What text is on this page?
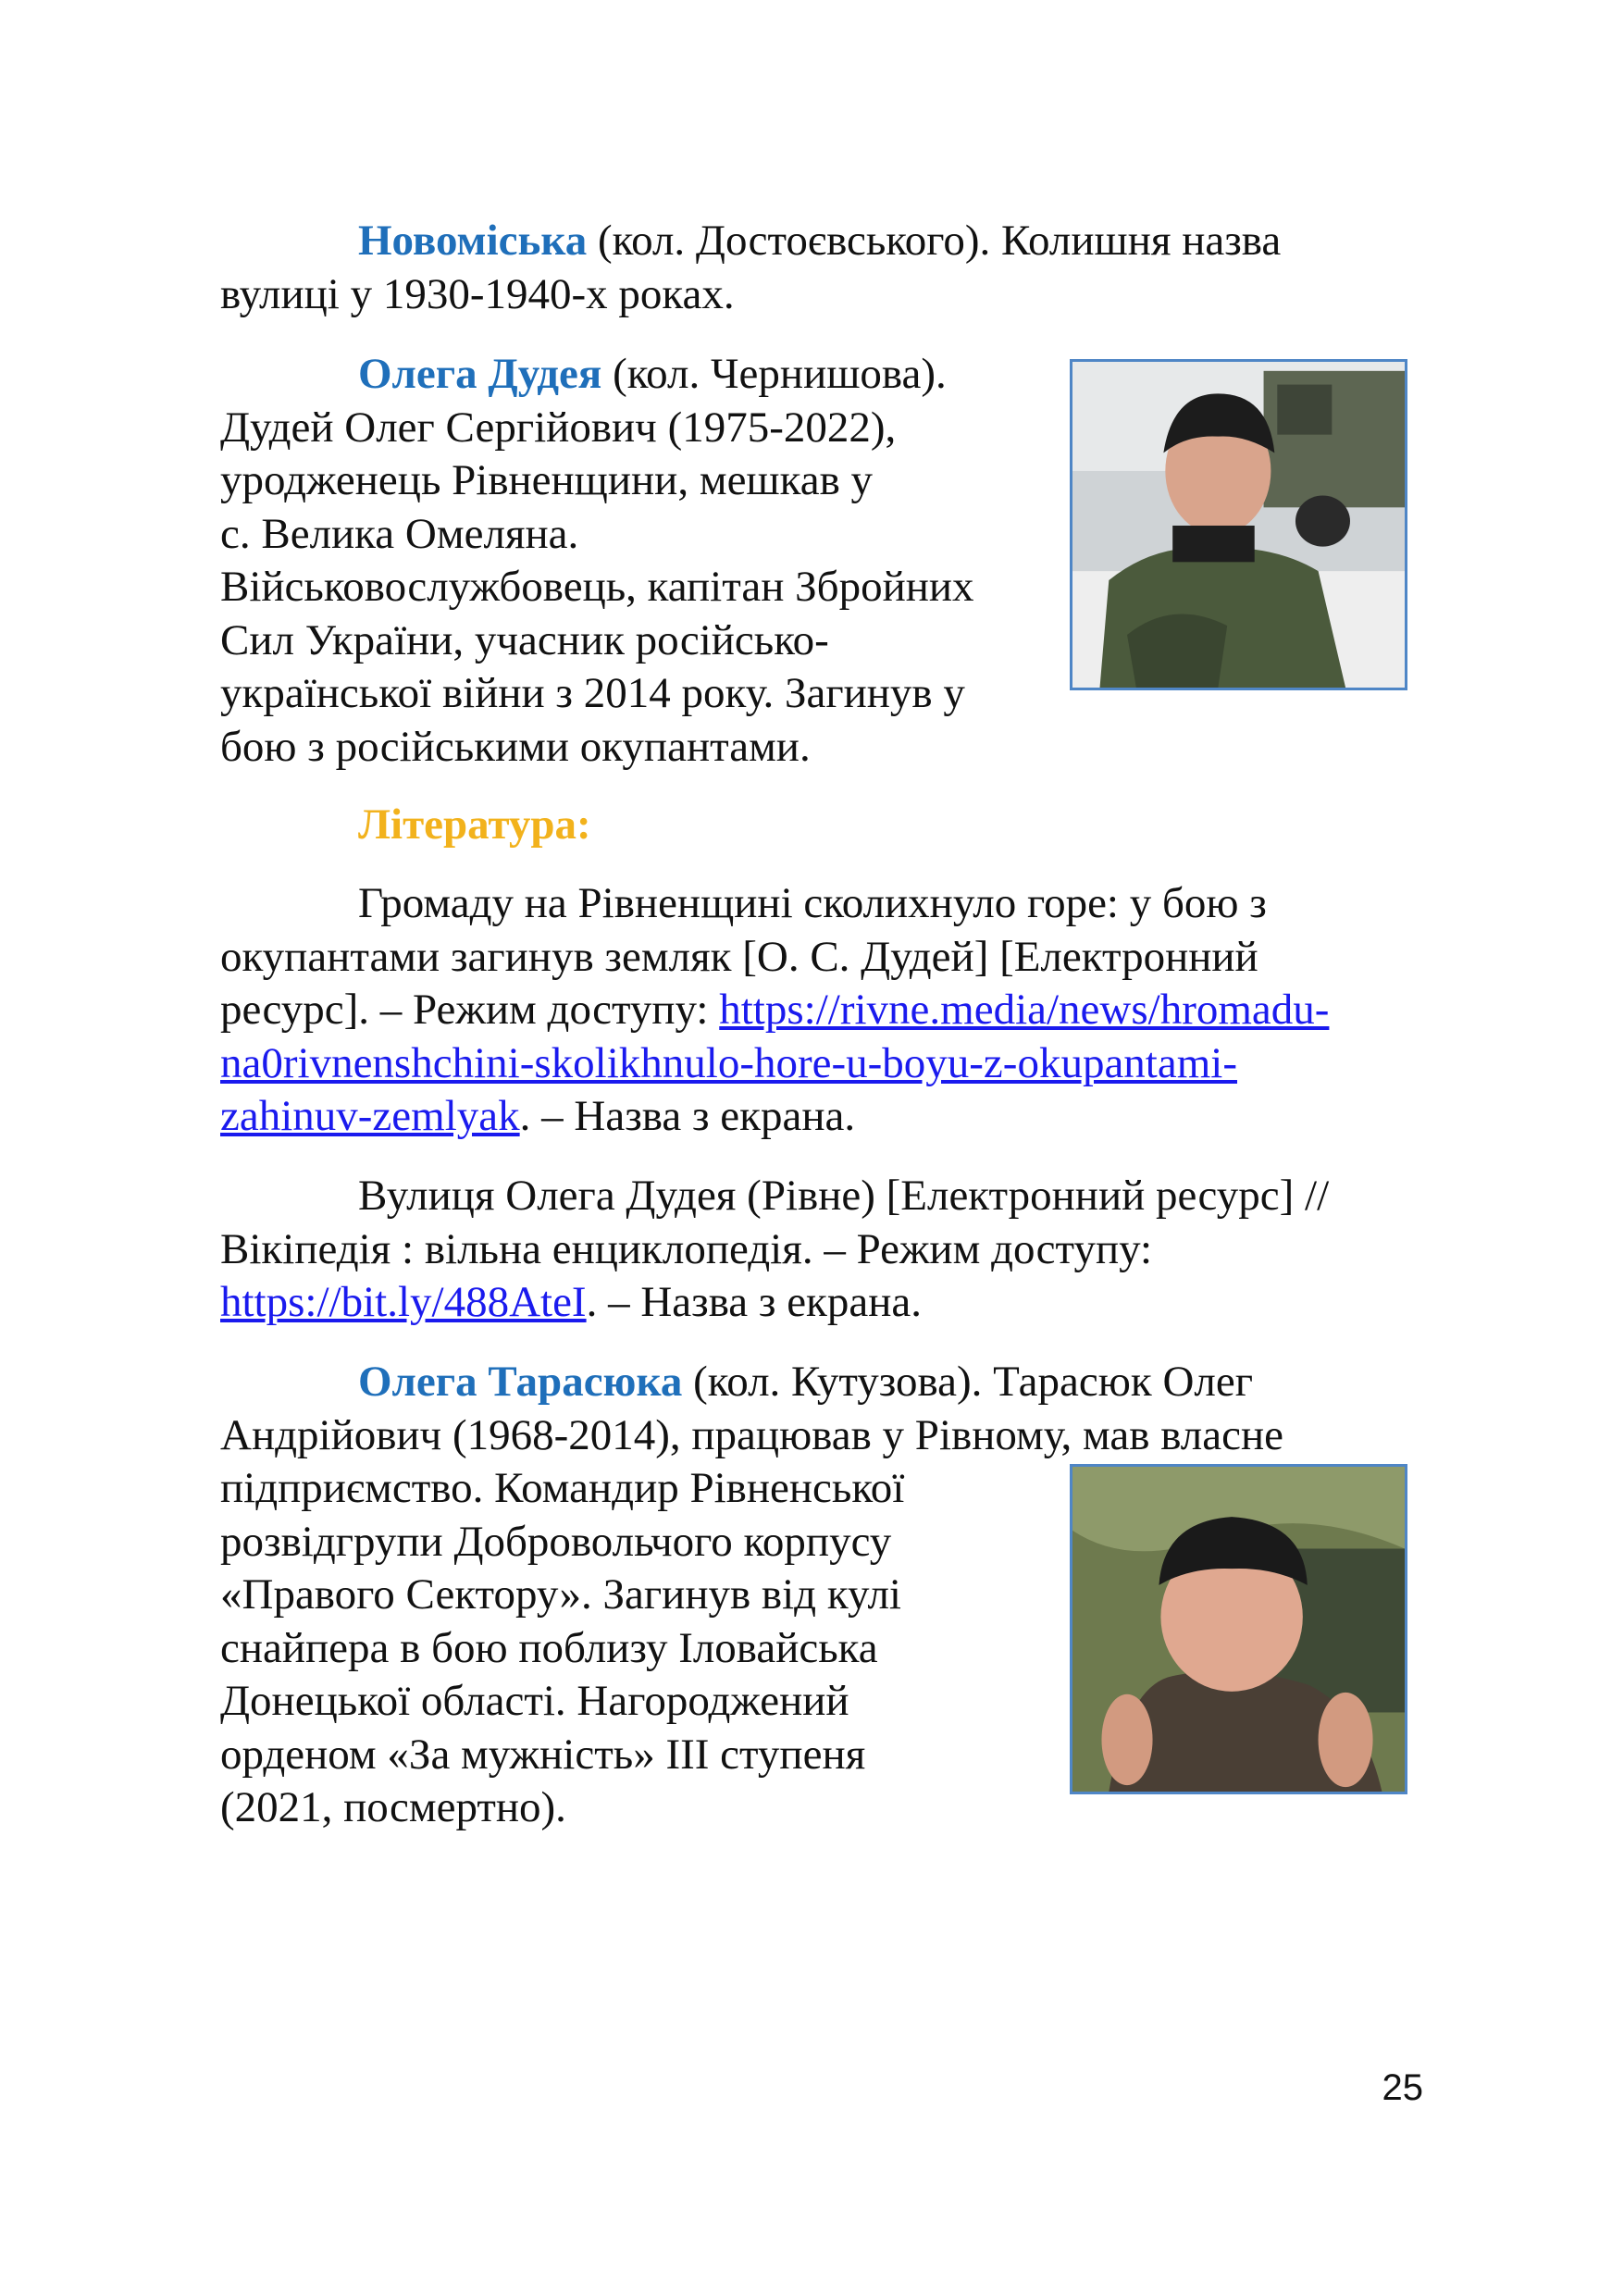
Новоміська (кол. Достоєвського). Колишня назва
вулиці у 1930-1940-х роках.

Олега Дудея (кол. Чернишова).
Дудей Олег Сергійович (1975-2022),
уродженець Рівненщини, мешкав у
с. Велика Омеляна.
Військовослужбовець, капітан Збройних
Сил України, учасник російсько-
української війни з 2014 року. Загинув у
бою з російськими окупантами.

Література:

Громаду на Рівненщині сколихнуло горе: у бою з
окупантами загинув земляк [О. С. Дудей] [Електронний
ресурс]. – Режим доступу: https://rivne.media/news/hromadu-
na0rivnenshchini-skolikhnulo-hore-u-boyu-z-okupantami-
zahinuv-zemlyak. – Назва з екрана.

Вулиця Олега Дудея (Рівне) [Електронний ресурс] //
Вікіпедія : вільна енциклопедія. – Режим доступу:
https://bit.ly/488AteI. – Назва з екрана.

Олега Тарасюка (кол. Кутузова). Тарасюк Олег
Андрійович (1968-2014), працював у Рівному, мав власне

підприємство. Командир Рівненської
розвідгрупи Добровольчого корпусу
«Правого Сектору». Загинув від кулі
снайпера в бою поблизу Іловайська
Донецької області. Нагороджений
орденом «За мужність» ІІІ ступеня
(2021, посмертно).

25
